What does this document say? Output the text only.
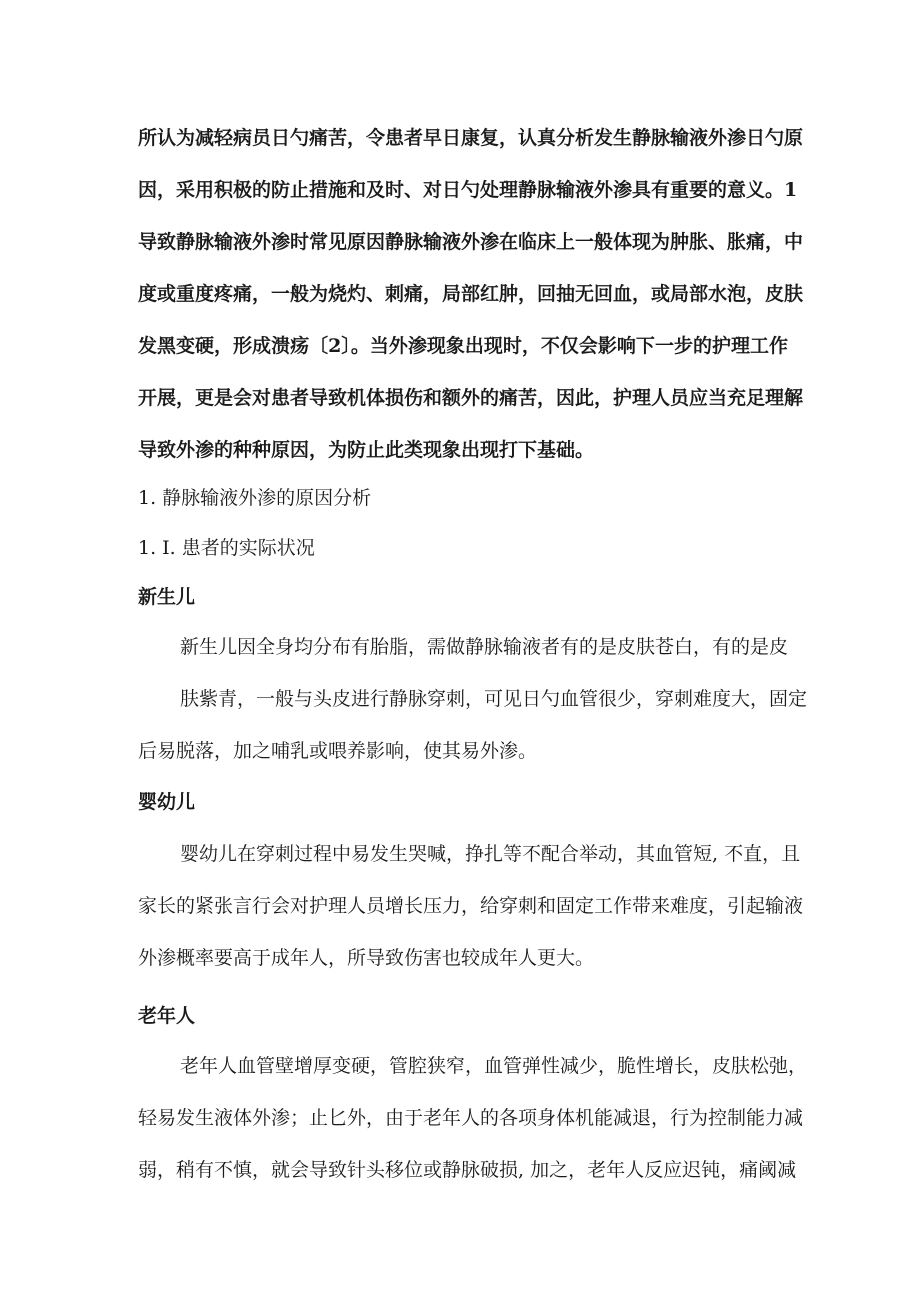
所认为减轻病员日勺痛苦，令患者早日康复，认真分析发生静脉输液外渗日勺原
因，采用积极的防止措施和及时、对日勺处理静脉输液外渗具有重要的意义。1
导致静脉输液外渗时常见原因静脉输液外渗在临床上一般体现为肿胀、胀痛，中
度或重度疼痛，一般为烧灼、刺痛，局部红肿，回抽无回血，或局部水泡，皮肤
发黑变硬，形成溃疡〔2〕。当外渗现象出现时，不仅会影响下一步的护理工作
开展，更是会对患者导致机体损伤和额外的痛苦，因此，护理人员应当充足理解
导致外渗的种种原因，为防止此类现象出现打下基础。
1. 静脉输液外渗的原因分析
1. I. 患者的实际状况
新生儿
新生儿因全身均分布有胎脂，需做静脉输液者有的是皮肤苍白，有的是皮
肤紫青，一般与头皮进行静脉穿刺，可见日勺血管很少，穿刺难度大，固定
后易脱落，加之哺乳或喂养影响，使其易外渗。
婴幼儿
婴幼儿在穿刺过程中易发生哭喊，挣扎等不配合举动，其血管短, 不直，且
家长的紧张言行会对护理人员增长压力，给穿刺和固定工作带来难度，引起输液
外渗概率要高于成年人，所导致伤害也较成年人更大。
老年人
老年人血管壁增厚变硬，管腔狭窄，血管弹性减少，脆性增长，皮肤松弛，
轻易发生液体外渗；止匕外，由于老年人的各项身体机能减退，行为控制能力减
弱，稍有不慎，就会导致针头移位或静脉破损, 加之，老年人反应迟钝，痛阈减
